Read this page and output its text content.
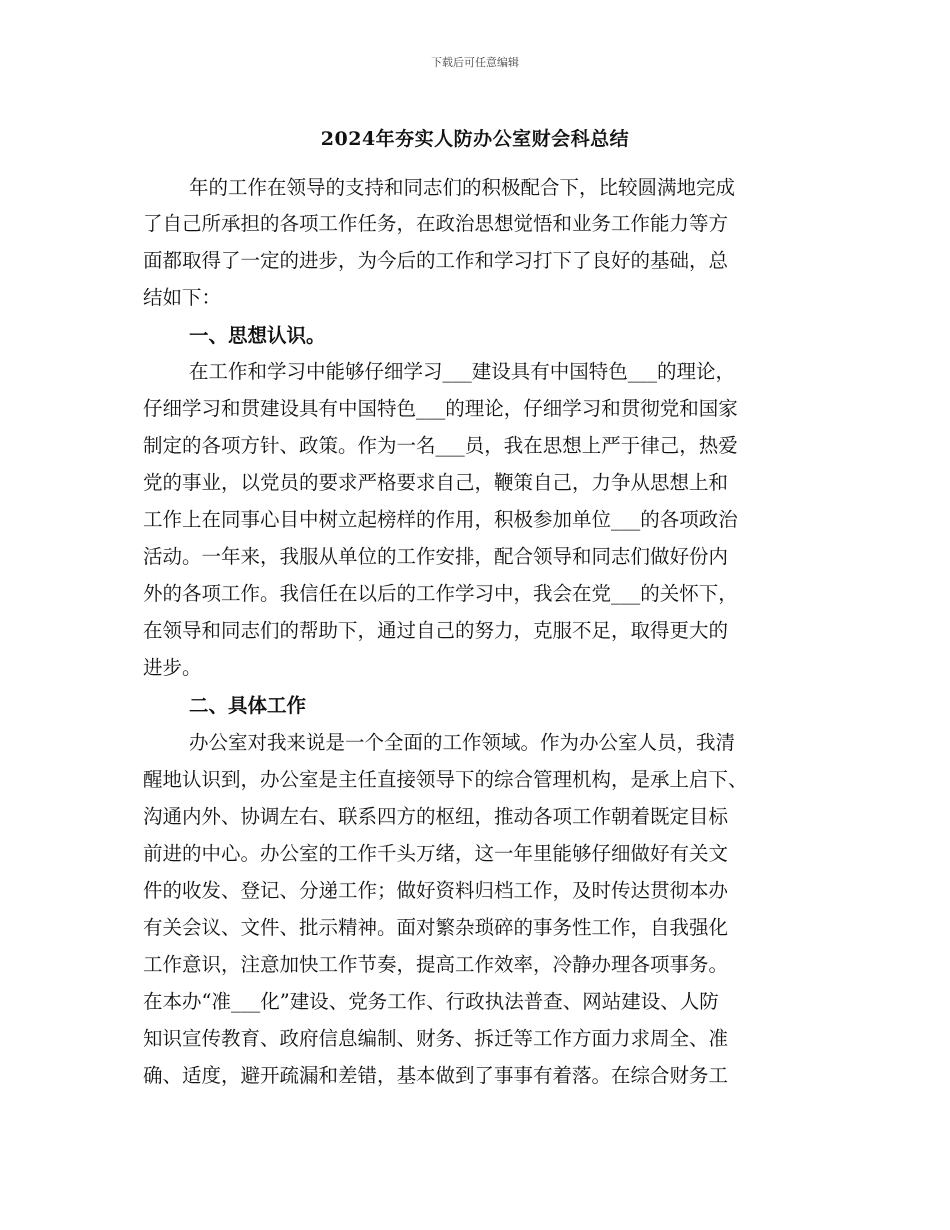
下载后可任意编辑
2024年夯实人防办公室财会科总结
年的工作在领导的支持和同志们的积极配合下，比较圆满地完成
了自己所承担的各项工作任务，在政治思想觉悟和业务工作能力等方
面都取得了一定的进步，为今后的工作和学习打下了良好的基础，总
结如下：
一、思想认识。
在工作和学习中能够仔细学习___建设具有中国特色___的理论，
仔细学习和贯建设具有中国特色___的理论，仔细学习和贯彻党和国家
制定的各项方针、政策。作为一名___员，我在思想上严于律己，热爱
党的事业，以党员的要求严格要求自己，鞭策自己，力争从思想上和
工作上在同事心目中树立起榜样的作用，积极参加单位___的各项政治
活动。一年来，我服从单位的工作安排，配合领导和同志们做好份内
外的各项工作。我信任在以后的工作学习中，我会在党___的关怀下，
在领导和同志们的帮助下，通过自己的努力，克服不足，取得更大的
进步。
二、具体工作
办公室对我来说是一个全面的工作领域。作为办公室人员，我清
醒地认识到，办公室是主任直接领导下的综合管理机构，是承上启下、
沟通内外、协调左右、联系四方的枢纽，推动各项工作朝着既定目标
前进的中心。办公室的工作千头万绪，这一年里能够仔细做好有关文
件的收发、登记、分递工作；做好资料归档工作，及时传达贯彻本办
有关会议、文件、批示精神。面对繁杂琐碎的事务性工作，自我强化
工作意识，注意加快工作节奏，提高工作效率，冷静办理各项事务。
在本办“准___化”建设、党务工作、行政执法普查、网站建设、人防
知识宣传教育、政府信息编制、财务、拆迁等工作方面力求周全、准
确、适度，避开疏漏和差错，基本做到了事事有着落。在综合财务工
